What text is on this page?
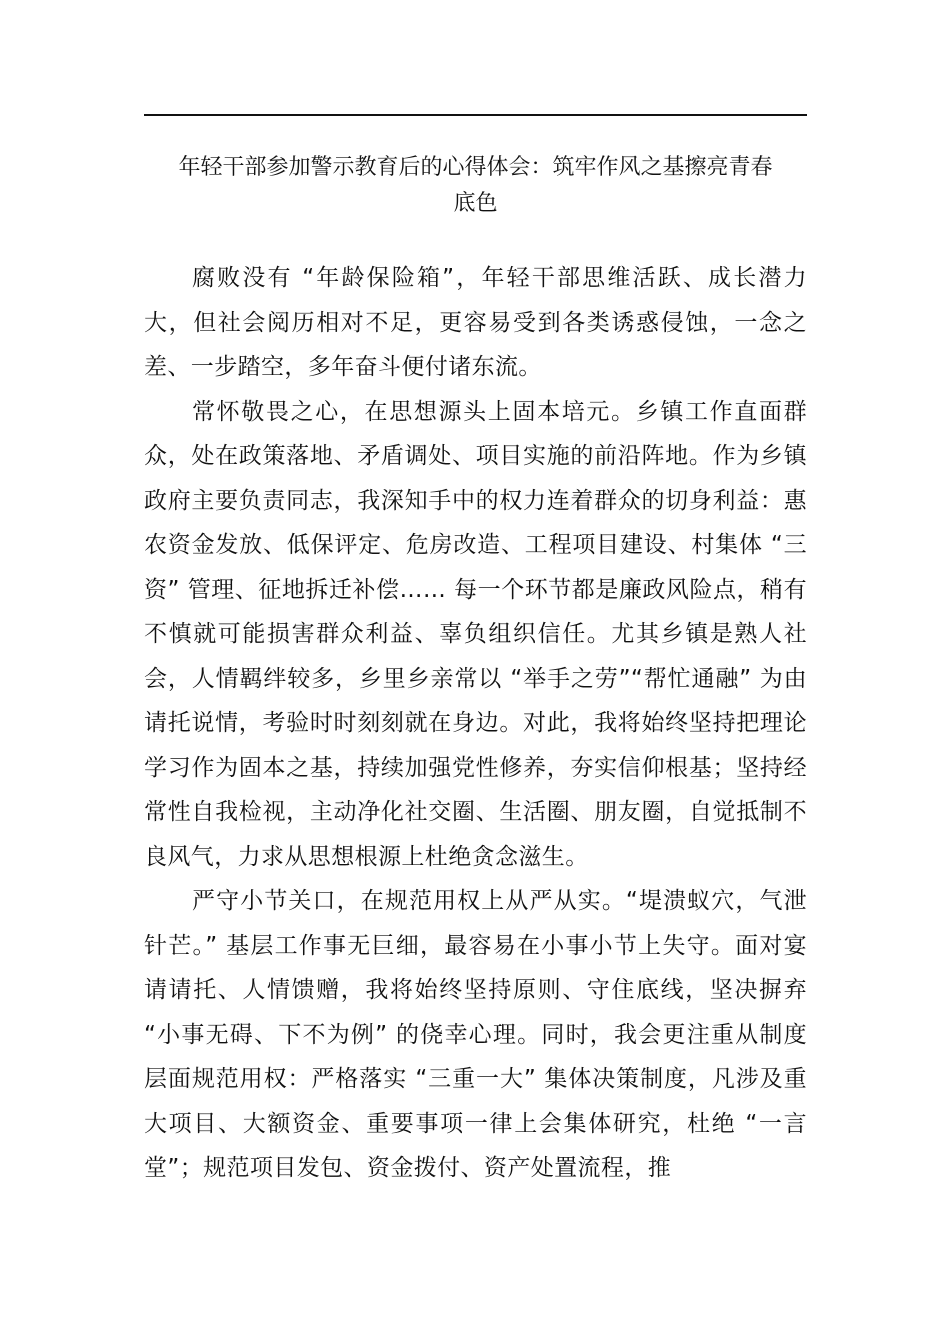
年轻干部参加警示教育后的心得体会：筑牢作风之基擦亮青春
底色

腐败没有 “年龄保险箱”，年轻干部思维活跃、成长潜力大，但社会阅历相对不足，更容易受到各类诱惑侵蚀，一念之差、一步踏空，多年奋斗便付诸东流。

常怀敬畏之心，在思想源头上固本培元。乡镇工作直面群众，处在政策落地、矛盾调处、项目实施的前沿阵地。作为乡镇政府主要负责同志，我深知手中的权力连着群众的切身利益：惠农资金发放、低保评定、危房改造、工程项目建设、村集体 “三资” 管理、征地拆迁补偿…… 每一个环节都是廉政风险点，稍有不慎就可能损害群众利益、辜负组织信任。尤其乡镇是熟人社会，人情羁绊较多，乡里乡亲常以 “举手之劳”“帮忙通融” 为由请托说情，考验时时刻刻就在身边。对此，我将始终坚持把理论学习作为固本之基，持续加强党性修养，夯实信仰根基；坚持经常性自我检视，主动净化社交圈、生活圈、朋友圈，自觉抵制不良风气，力求从思想根源上杜绝贪念滋生。

严守小节关口，在规范用权上从严从实。“堤溃蚁穴，气泄针芒。” 基层工作事无巨细，最容易在小事小节上失守。面对宴请请托、人情馈赠，我将始终坚持原则、守住底线，坚决摒弃 “小事无碍、下不为例” 的侥幸心理。同时，我会更注重从制度层面规范用权：严格落实 “三重一大” 集体决策制度，凡涉及重大项目、大额资金、重要事项一律上会集体研究，杜绝 “一言堂”；规范项目发包、资金拨付、资产处置流程，推
